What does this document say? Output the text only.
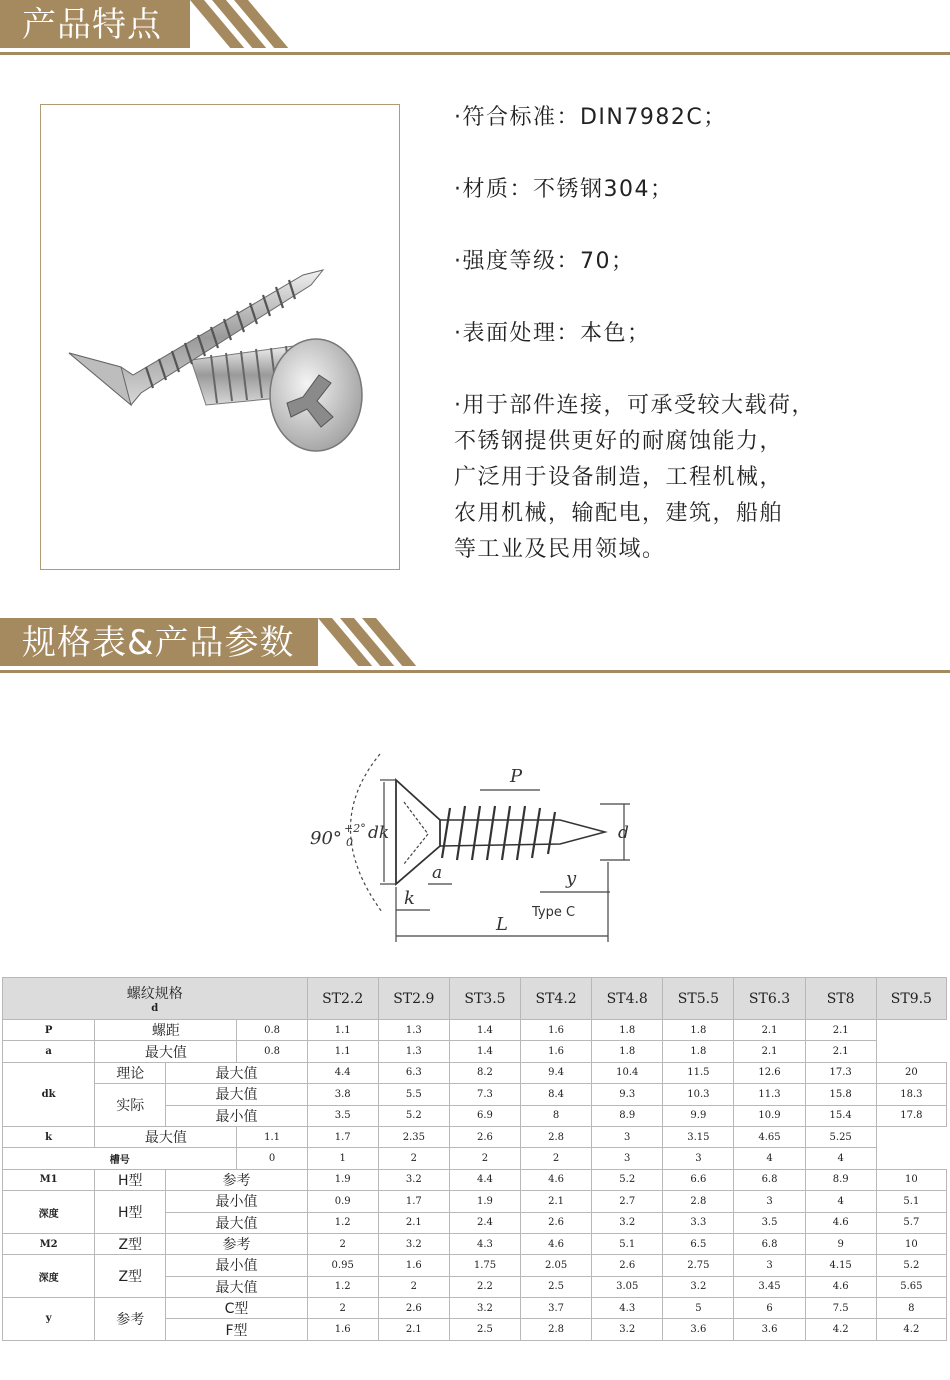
产品特点
·符合标准：DIN7982C；
·材质：不锈钢304；
·强度等级：70；
·表面处理：本色；
·用于部件连接，可承受较大载荷，
不锈钢提供更好的耐腐蚀能力，
广泛用于设备制造，工程机械，
农用机械，输配电，建筑，船舶
等工业及民用领域。
规格表&产品参数
90° +2°
0 dk	d
P
a	y
Type C
k
L
螺纹规格
d				ST2.2	ST2.9	ST3.5	ST4.2	ST4.8	ST5.5	ST6.3	ST8	ST9.5
P	螺距		0.8	1.1	1.3	1.4	1.6	1.8	1.8	2.1	2.1	
a	最大值		0.8	1.1	1.3	1.4	1.6	1.8	1.8	2.1	2.1	
dk	理论	最大值		4.4	6.3	8.2	9.4	10.4	11.5	12.6	17.3	20
	实际	最大值		3.8	5.5	7.3	8.4	9.3	10.3	11.3	15.8	18.3
		最小值		3.5	5.2	6.9	8	8.9	9.9	10.9	15.4	17.8
k	最大值		1.1	1.7	2.35	2.6	2.8	3	3.15	4.65	5.25	
槽号			0	1	2	2	2	3	3	4	4	
M1	H型	参考		1.9	3.2	4.4	4.6	5.2	6.6	6.8	8.9	10
深度	H型	最小值		0.9	1.7	1.9	2.1	2.7	2.8	3	4	5.1
		最大值		1.2	2.1	2.4	2.6	3.2	3.3	3.5	4.6	5.7
M2	Z型	参考		2	3.2	4.3	4.6	5.1	6.5	6.8	9	10
深度	Z型	最小值		0.95	1.6	1.75	2.05	2.6	2.75	3	4.15	5.2
		最大值		1.2	2	2.2	2.5	3.05	3.2	3.45	4.6	5.65
y	参考	C型		2	2.6	3.2	3.7	4.3	5	6	7.5	8
		F型		1.6	2.1	2.5	2.8	3.2	3.6	3.6	4.2	4.2
